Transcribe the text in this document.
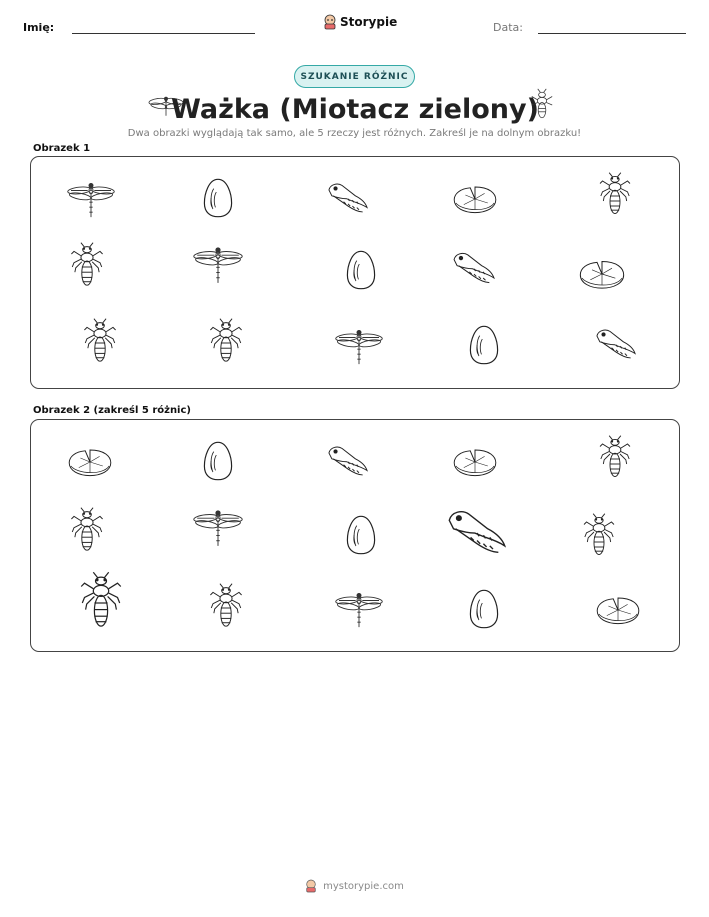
Imię:	Storypie	Data:
SZUKANIE RÓŻNIC
Ważka (Miotacz zielony)
Dwa obrazki wyglądają tak samo, ale 5 rzeczy jest różnych. Zakreśl je na dolnym obrazku!
Obrazek 1
Obrazek 2 (zakreśl 5 różnic)
mystorypie.com
